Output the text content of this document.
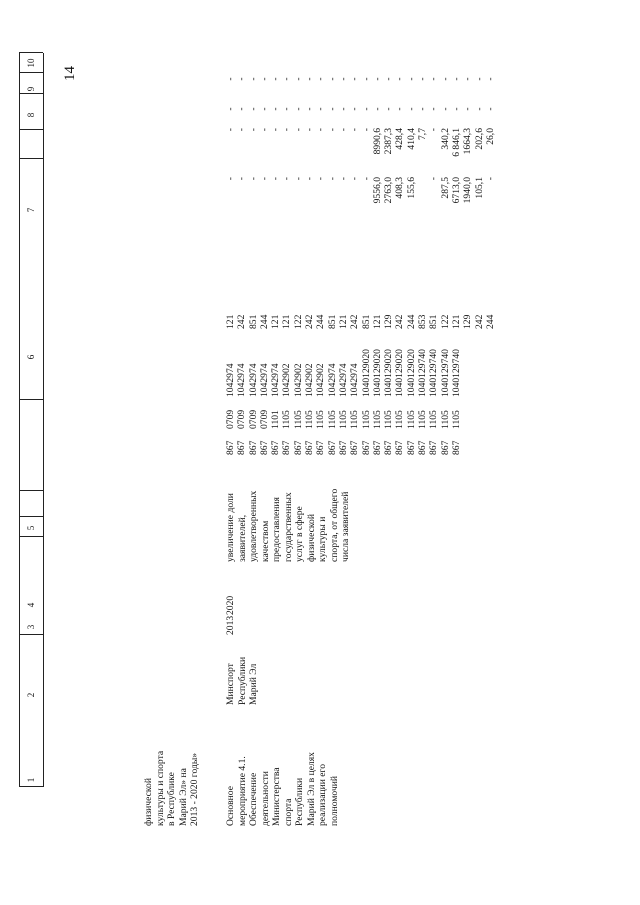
14
1
2
3
4
5
6
7
8
9
10
физической культуры и спорта в Республике Марий Эл» на 2013 - 2020 годы»	Основное мероприятие 4.1. Обеспечение деятельности Министерства спорта Республики Марий Эл в целях реализации его полномочий
Минспорт Республики Марий Эл
2013
2020
увеличение доли заявителей, удовлетворенных качеством предоставления государственных услуг в сфере физической культуры и спорта, от общего числа заявителей
867 867 867 867 867 867 867 867 867 867 867 867 867 867 867 867 867 867 867 867 867
0709 0709 0709 0709 1101 1105 1105 1105 1105 1105 1105 1105 1105 1105 1105 1105 1105 1105 1105 1105 1105
1042974 1042974 1042974 1042974 1042974 1042902 1042902 1042902 1042902 1042974 1042974 1042974 1040129020 1040129020 1040129020 1040129020 1040129020 1040129740 1040129740 1040129740 1040129740
121 242 851 244 121 121 122 242 244 851 121 242 851 121 129 242 244 853 851 122 121 129 242 244
- - - - - - - - - - - - - 9556,0 2763,0 408,3 155,6 - 287,5 6713,0 1940,0 105,1 -
- - - - - - - - - - - - - 8990,6 2387,3 428,4 410,4 7,7 - 340,2 6 846,1 1664,3 202,6 26,0
- - - - - - - - - - - - - - - - - - - - - - - -
- - - - - - - - - - - - - - - - - - - - - - - -
